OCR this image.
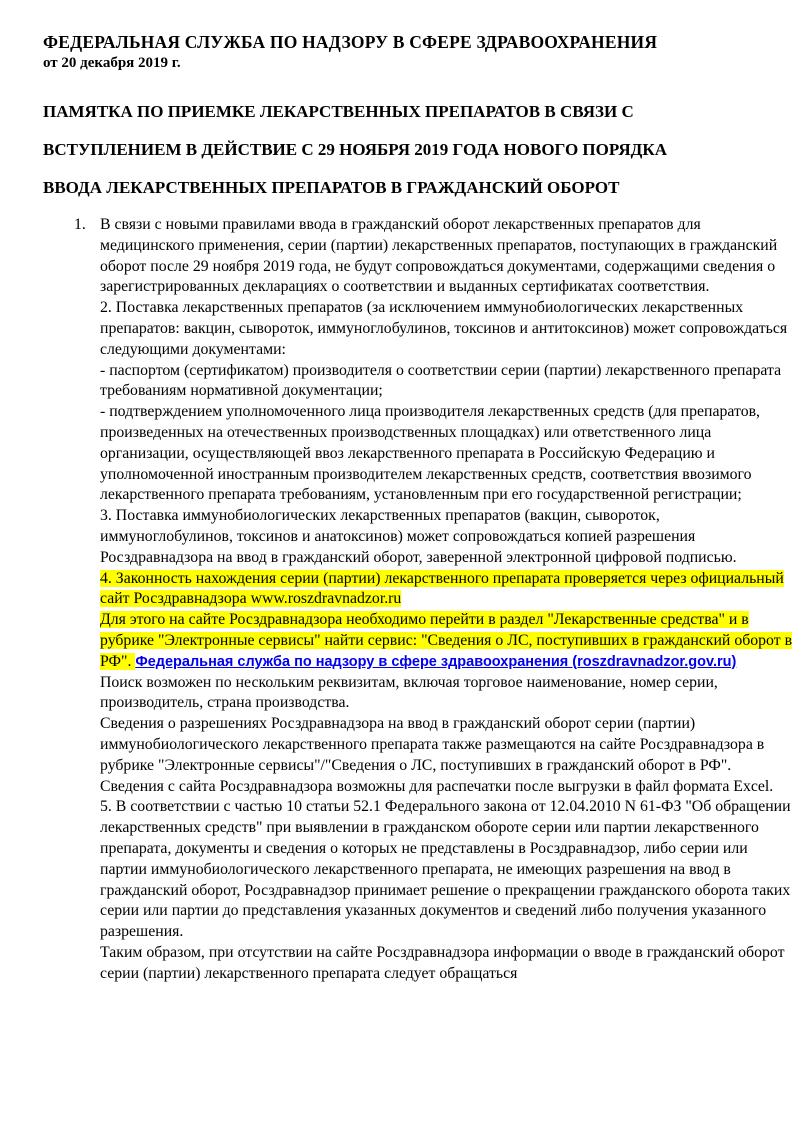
ФЕДЕРАЛЬНАЯ СЛУЖБА ПО НАДЗОРУ В СФЕРЕ ЗДРАВООХРАНЕНИЯ
от 20 декабря 2019 г.
ПАМЯТКА ПО ПРИЕМКЕ ЛЕКАРСТВЕННЫХ ПРЕПАРАТОВ В СВЯЗИ С
ВСТУПЛЕНИЕМ В ДЕЙСТВИЕ С 29 НОЯБРЯ 2019 ГОДА НОВОГО ПОРЯДКА
ВВОДА ЛЕКАРСТВЕННЫХ ПРЕПАРАТОВ В ГРАЖДАНСКИЙ ОБОРОТ

1. В связи с новыми правилами ввода в гражданский оборот лекарственных препаратов для медицинского применения, серии (партии) лекарственных препаратов, поступающих в гражданский оборот после 29 ноября 2019 года, не будут сопровождаться документами, содержащими сведения о зарегистрированных декларациях о соответствии и выданных сертификатах соответствия.

2. Поставка лекарственных препаратов (за исключением иммунобиологических лекарственных препаратов: вакцин, сывороток, иммуноглобулинов, токсинов и антитоксинов) может сопровождаться следующими документами:

- паспортом (сертификатом) производителя о соответствии серии (партии) лекарственного препарата требованиям нормативной документации;

- подтверждением уполномоченного лица производителя лекарственных средств (для препаратов, произведенных на отечественных производственных площадках) или ответственного лица организации, осуществляющей ввоз лекарственного препарата в Российскую Федерацию и уполномоченной иностранным производителем лекарственных средств, соответствия ввозимого лекарственного препарата требованиям, установленным при его государственной регистрации;

3. Поставка иммунобиологических лекарственных препаратов (вакцин, сывороток, иммуноглобулинов, токсинов и анатоксинов) может сопровождаться копией разрешения Росздравнадзора на ввод в гражданский оборот, заверенной электронной цифровой подписью.

4. Законность нахождения серии (партии) лекарственного препарата проверяется через официальный сайт Росздравнадзора www.roszdravnadzor.ru

Для этого на сайте Росздравнадзора необходимо перейти в раздел "Лекарственные средства" и в рубрике "Электронные сервисы" найти сервис: "Сведения о ЛС, поступивших в гражданский оборот в РФ". Федеральная служба по надзору в сфере здравоохранения (roszdravnadzor.gov.ru)

Поиск возможен по нескольким реквизитам, включая торговое наименование, номер серии, производитель, страна производства.

Сведения о разрешениях Росздравнадзора на ввод в гражданский оборот серии (партии) иммунобиологического лекарственного препарата также размещаются на сайте Росздравнадзора в рубрике "Электронные сервисы"/"Сведения о ЛС, поступивших в гражданский оборот в РФ".

Сведения с сайта Росздравнадзора возможны для распечатки после выгрузки в файл формата Excel.

5. В соответствии с частью 10 статьи 52.1 Федерального закона от 12.04.2010 N 61-ФЗ "Об обращении лекарственных средств" при выявлении в гражданском обороте серии или партии лекарственного препарата, документы и сведения о которых не представлены в Росздравнадзор, либо серии или партии иммунобиологического лекарственного препарата, не имеющих разрешения на ввод в гражданский оборот, Росздравнадзор принимает решение о прекращении гражданского оборота таких серии или партии до представления указанных документов и сведений либо получения указанного разрешения.

Таким образом, при отсутствии на сайте Росздравнадзора информации о вводе в гражданский оборот серии (партии) лекарственного препарата следует обращаться
